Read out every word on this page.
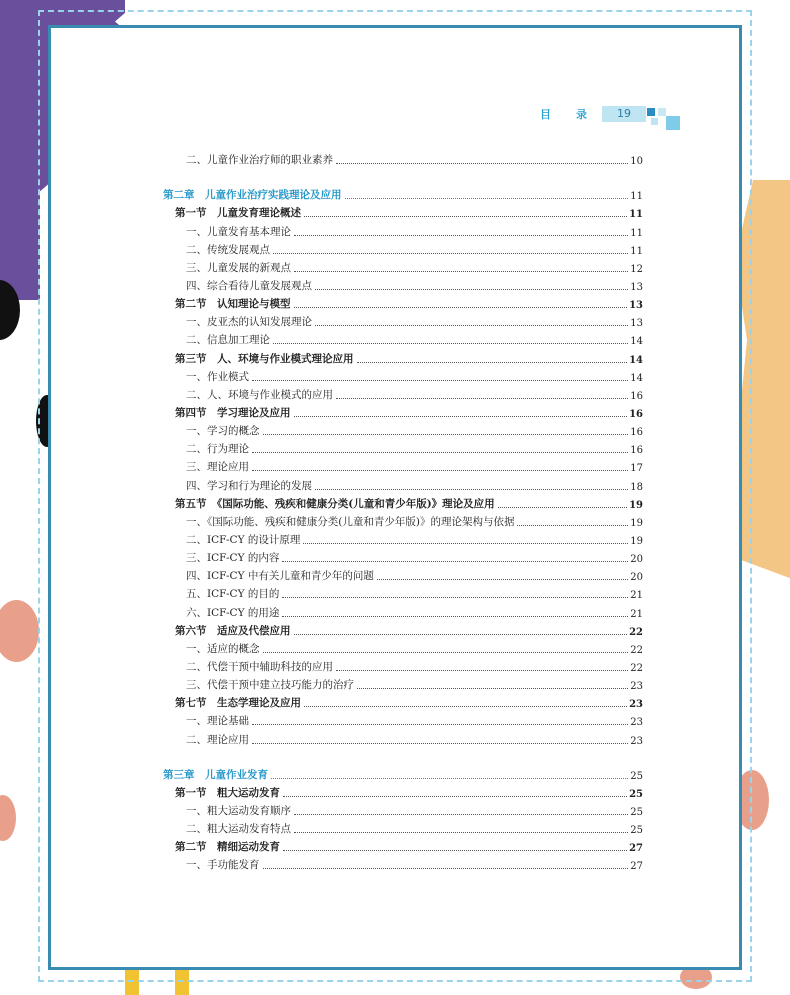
目 录	19
二、儿童作业治疗师的职业素养	10
第二章　儿童作业治疗实践理论及应用	11
第一节　儿童发育理论概述	11
一、儿童发育基本理论	11
二、传统发展观点	11
三、儿童发展的新观点	12
四、综合看待儿童发展观点	13
第二节　认知理论与模型	13
一、皮亚杰的认知发展理论	13
二、信息加工理论	14
第三节　人、环境与作业模式理论应用	14
一、作业模式	14
二、人、环境与作业模式的应用	16
第四节　学习理论及应用	16
一、学习的概念	16
二、行为理论	16
三、理论应用	17
四、学习和行为理论的发展	18
第五节　《国际功能、残疾和健康分类(儿童和青少年版)》理论及应用	19
一、《国际功能、残疾和健康分类(儿童和青少年版)》的理论架构与依据	19
二、ICF-CY 的设计原理	19
三、ICF-CY 的内容	20
四、ICF-CY 中有关儿童和青少年的问题	20
五、ICF-CY 的目的	21
六、ICF-CY 的用途	21
第六节　适应及代偿应用	22
一、适应的概念	22
二、代偿干预中辅助科技的应用	22
三、代偿干预中建立技巧能力的治疗	23
第七节　生态学理论及应用	23
一、理论基础	23
二、理论应用	23
第三章　儿童作业发育	25
第一节　粗大运动发育	25
一、粗大运动发育顺序	25
二、粗大运动发育特点	25
第二节　精细运动发育	27
一、手功能发育	27
